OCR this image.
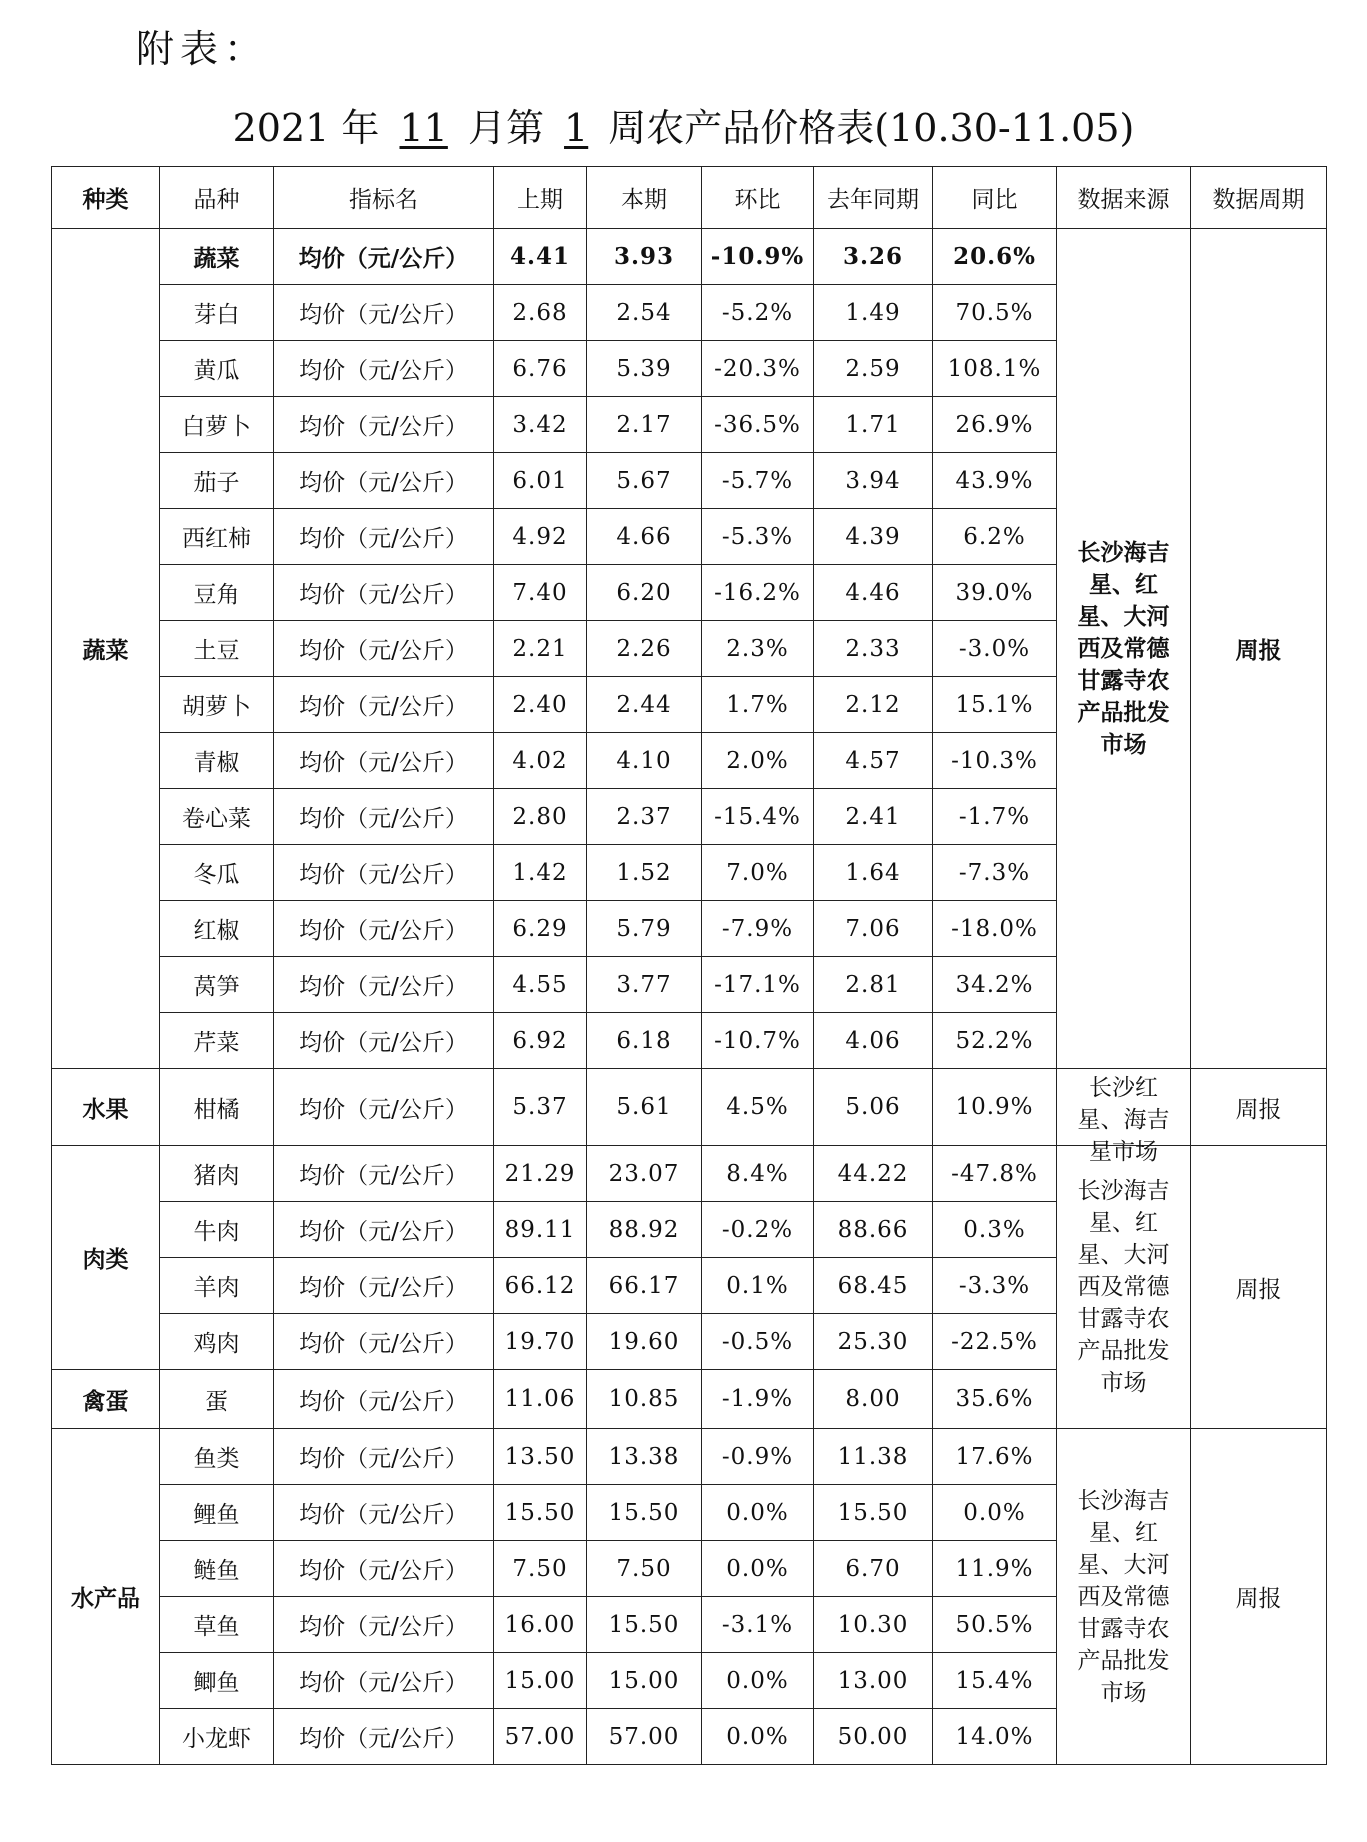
附表：
2021 年 11 月第 1 周农产品价格表(10.30-11.05)
种类	品种	指标名	上期	本期	环比	去年同期	同比	数据来源	数据周期
蔬菜	蔬菜	均价（元/公斤）	4.41	3.93	-10.9%	3.26	20.6%	长沙海吉星、红星、大河西及常德甘露寺农产品批发市场	周报
	芽白	均价（元/公斤）	2.68	2.54	-5.2%	1.49	70.5%		
	黄瓜	均价（元/公斤）	6.76	5.39	-20.3%	2.59	108.1%		
	白萝卜	均价（元/公斤）	3.42	2.17	-36.5%	1.71	26.9%		
	茄子	均价（元/公斤）	6.01	5.67	-5.7%	3.94	43.9%		
	西红柿	均价（元/公斤）	4.92	4.66	-5.3%	4.39	6.2%		
	豆角	均价（元/公斤）	7.40	6.20	-16.2%	4.46	39.0%		
	土豆	均价（元/公斤）	2.21	2.26	2.3%	2.33	-3.0%		
	胡萝卜	均价（元/公斤）	2.40	2.44	1.7%	2.12	15.1%		
	青椒	均价（元/公斤）	4.02	4.10	2.0%	4.57	-10.3%		
	卷心菜	均价（元/公斤）	2.80	2.37	-15.4%	2.41	-1.7%		
	冬瓜	均价（元/公斤）	1.42	1.52	7.0%	1.64	-7.3%		
	红椒	均价（元/公斤）	6.29	5.79	-7.9%	7.06	-18.0%		
	莴笋	均价（元/公斤）	4.55	3.77	-17.1%	2.81	34.2%		
	芹菜	均价（元/公斤）	6.92	6.18	-10.7%	4.06	52.2%		
水果	柑橘	均价（元/公斤）	5.37	5.61	4.5%	5.06	10.9%	长沙红星、海吉星市场	周报
肉类	猪肉	均价（元/公斤）	21.29	23.07	8.4%	44.22	-47.8%	长沙海吉星、红星、大河西及常德甘露寺农产品批发市场	周报
	牛肉	均价（元/公斤）	89.11	88.92	-0.2%	88.66	0.3%		
	羊肉	均价（元/公斤）	66.12	66.17	0.1%	68.45	-3.3%		
	鸡肉	均价（元/公斤）	19.70	19.60	-0.5%	25.30	-22.5%		
禽蛋	蛋	均价（元/公斤）	11.06	10.85	-1.9%	8.00	35.6%		
水产品	鱼类	均价（元/公斤）	13.50	13.38	-0.9%	11.38	17.6%	长沙海吉星、红星、大河西及常德甘露寺农产品批发市场	周报
	鲤鱼	均价（元/公斤）	15.50	15.50	0.0%	15.50	0.0%		
	鲢鱼	均价（元/公斤）	7.50	7.50	0.0%	6.70	11.9%		
	草鱼	均价（元/公斤）	16.00	15.50	-3.1%	10.30	50.5%		
	鲫鱼	均价（元/公斤）	15.00	15.00	0.0%	13.00	15.4%		
	小龙虾	均价（元/公斤）	57.00	57.00	0.0%	50.00	14.0%		
